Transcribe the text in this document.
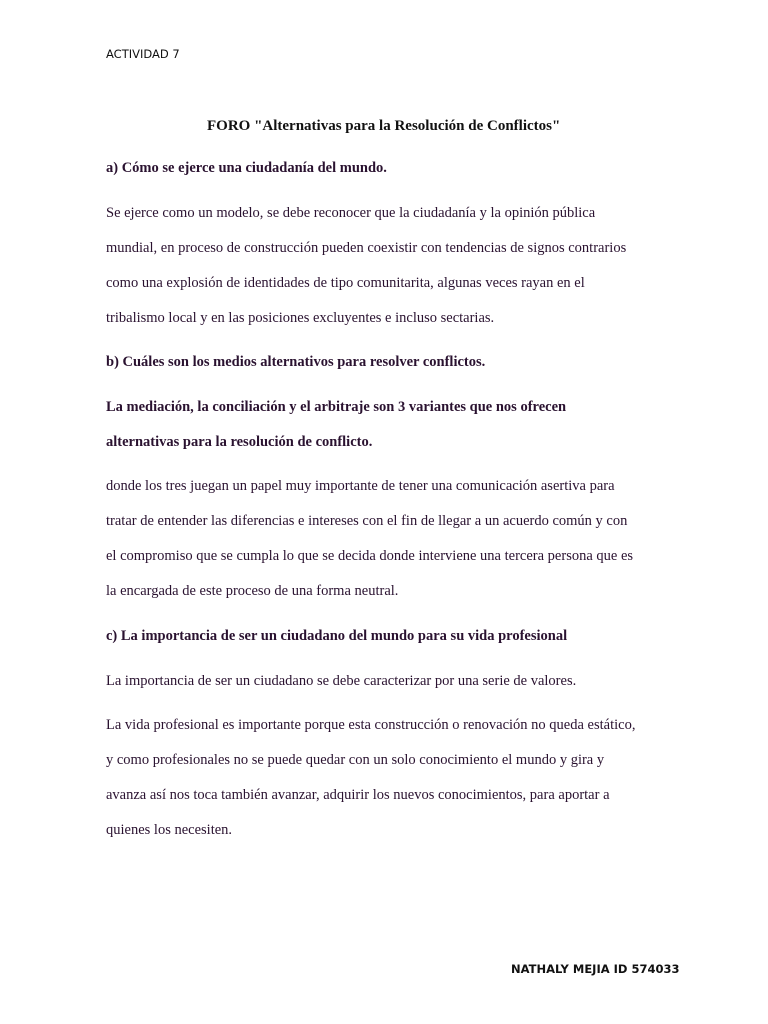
ACTIVIDAD 7
FORO "Alternativas para la Resolución de Conflictos"
a) Cómo se ejerce una ciudadanía del mundo.
Se ejerce como un modelo, se debe reconocer que la ciudadanía y la opinión pública
mundial, en proceso de construcción pueden coexistir con tendencias de signos contrarios
como una explosión de identidades de tipo comunitarita, algunas veces rayan en el
tribalismo local y en las posiciones excluyentes e incluso sectarias.
b) Cuáles son los medios alternativos para resolver conflictos.
La mediación, la conciliación y el arbitraje son 3 variantes que nos ofrecen
alternativas para la resolución de conflicto.
donde los tres juegan un papel muy importante de tener una comunicación asertiva para
tratar de entender las diferencias e intereses con el fin de llegar a un acuerdo común y con
el compromiso que se cumpla lo que se decida donde interviene una tercera persona que es
la encargada de este proceso de una forma neutral.
c) La importancia de ser un ciudadano del mundo para su vida profesional
La importancia de ser un ciudadano se debe caracterizar por una serie de valores.
La vida profesional es importante porque esta construcción o renovación no queda estático,
y como profesionales no se puede quedar con un solo conocimiento el mundo y gira y
avanza así nos toca también avanzar, adquirir los nuevos conocimientos, para aportar a
quienes los necesiten.
NATHALY MEJIA ID 574033
